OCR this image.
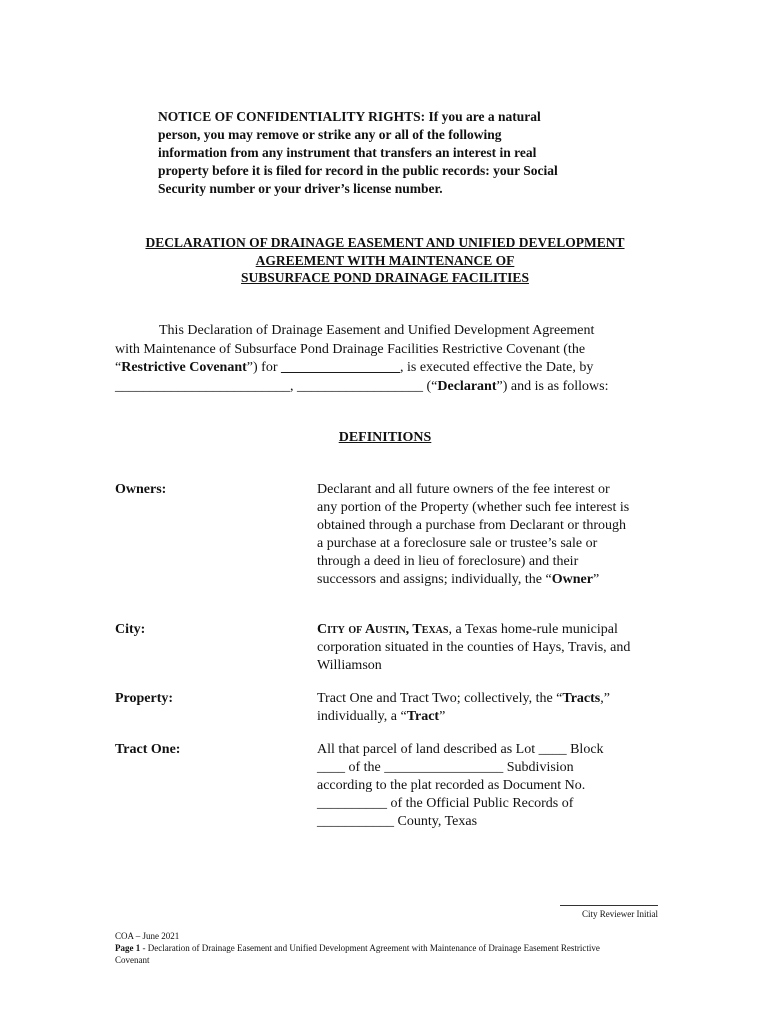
NOTICE OF CONFIDENTIALITY RIGHTS: If you are a natural
person, you may remove or strike any or all of the following
information from any instrument that transfers an interest in real
property before it is filed for record in the public records: your Social
Security number or your driver’s license number.
DECLARATION OF DRAINAGE EASEMENT AND UNIFIED DEVELOPMENT
AGREEMENT WITH MAINTENANCE OF
SUBSURFACE POND DRAINAGE FACILITIES
This Declaration of Drainage Easement and Unified Development Agreement
with Maintenance of Subsurface Pond Drainage Facilities Restrictive Covenant (the
“Restrictive Covenant”) for _________________, is executed effective the Date, by
_________________________, __________________ (“Declarant”) and is as follows:
DEFINITIONS
Owners:	Declarant and all future owners of the fee interest or
any portion of the Property (whether such fee interest is
obtained through a purchase from Declarant or through
a purchase at a foreclosure sale or trustee’s sale or
through a deed in lieu of foreclosure) and their
successors and assigns; individually, the “Owner”
City:	City of Austin, Texas, a Texas home-rule municipal
corporation situated in the counties of Hays, Travis, and
Williamson
Property:	Tract One and Tract Two; collectively, the “Tracts,”
individually, a “Tract”
Tract One:	All that parcel of land described as Lot ____ Block
____ of the _________________ Subdivision
according to the plat recorded as Document No.
__________ of the Official Public Records of
___________ County, Texas
City Reviewer Initial
COA – June 2021
Page 1 - Declaration of Drainage Easement and Unified Development Agreement with Maintenance of Drainage Easement Restrictive
Covenant
